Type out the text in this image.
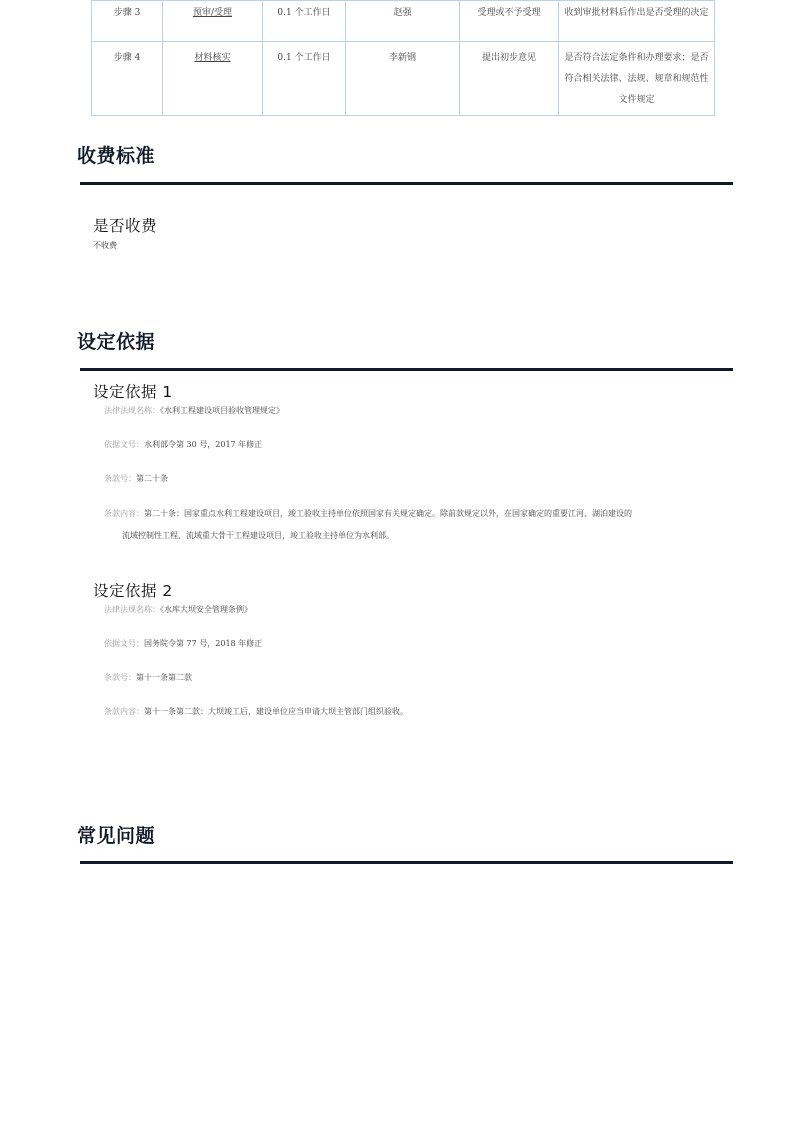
步骤 3	预审/受理	0.1 个工作日	赵强	受理或不予受理	收到审批材料后作出是否受理的决定
步骤 4	材料核实	0.1 个工作日	李新钢	提出初步意见	是否符合法定条件和办理要求；是否
符合相关法律、法规、规章和规范性
文件规定
收费标准
是否收费
不收费
设定依据
设定依据 1
法律法规名称：《水利工程建设项目验收管理规定》
依据文号：水利部令第 30 号，2017 年修正
条款号：第二十条
条款内容：第二十条：国家重点水利工程建设项目，竣工验收主持单位依照国家有关规定确定。除前款规定以外，在国家确定的重要江河、湖泊建设的
流域控制性工程、流域重大骨干工程建设项目，竣工验收主持单位为水利部。
设定依据 2
法律法规名称：《水库大坝安全管理条例》
依据文号：国务院令第 77 号，2018 年修正
条款号：第十一条第二款
条款内容：第十一条第二款：大坝竣工后，建设单位应当申请大坝主管部门组织验收。
常见问题
